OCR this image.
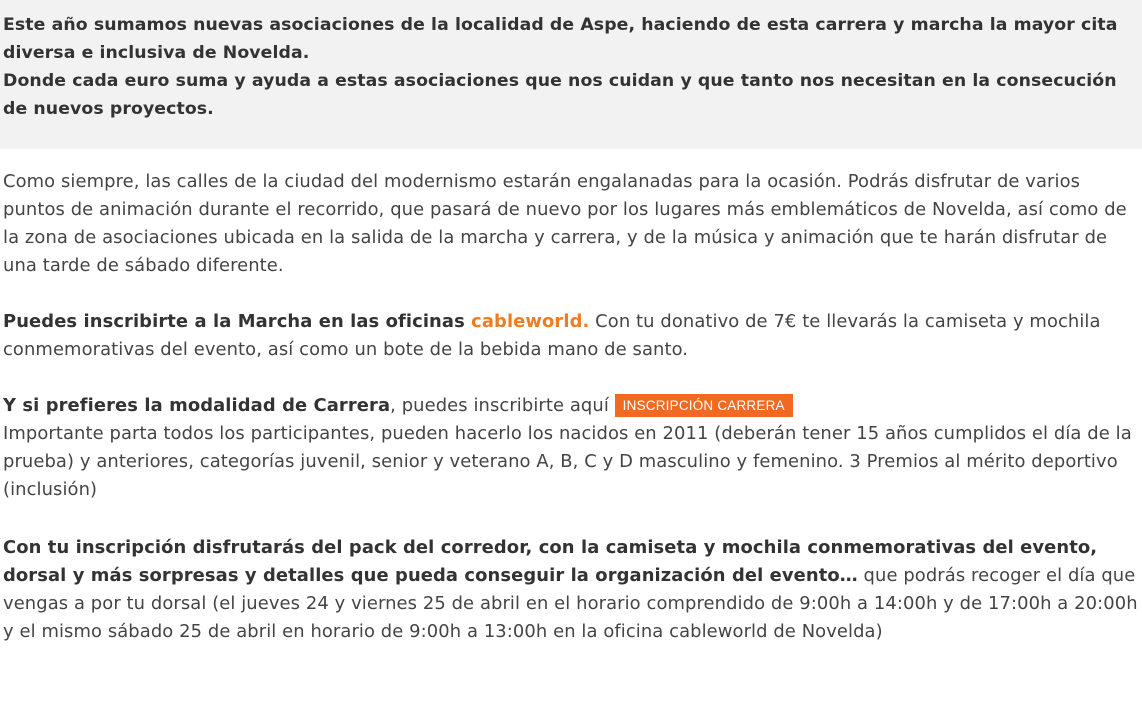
Este año sumamos nuevas asociaciones de la localidad de Aspe, haciendo de esta carrera y marcha la mayor cita diversa e inclusiva de Novelda.

Donde cada euro suma y ayuda a estas asociaciones que nos cuidan y que tanto nos necesitan en la consecución de nuevos proyectos.

Como siempre, las calles de la ciudad del modernismo estarán engalanadas para la ocasión. Podrás disfrutar de varios puntos de animación durante el recorrido, que pasará de nuevo por los lugares más emblemáticos de Novelda, así como de la zona de asociaciones ubicada en la salida de la marcha y carrera, y de la música y animación que te harán disfrutar de una tarde de sábado diferente.

Puedes inscribirte a la Marcha en las oficinas cableworld. Con tu donativo de 7€ te llevarás la camiseta y mochila conmemorativas del evento, así como un bote de la bebida mano de santo.

Y si prefieres la modalidad de Carrera, puedes inscribirte aquí INSCRIPCIÓN CARRERA

Importante parta todos los participantes, pueden hacerlo los nacidos en 2011 (deberán tener 15 años cumplidos el día de la prueba) y anteriores, categorías juvenil, senior y veterano A, B, C y D masculino y femenino. 3 Premios al mérito deportivo (inclusión)

Con tu inscripción disfrutarás del pack del corredor, con la camiseta y mochila conmemorativas del evento, dorsal y más sorpresas y detalles que pueda conseguir la organización del evento… que podrás recoger el día que vengas a por tu dorsal (el jueves 24 y viernes 25 de abril en el horario comprendido de 9:00h a 14:00h y de 17:00h a 20:00h y el mismo sábado 25 de abril en horario de 9:00h a 13:00h en la oficina cableworld de Novelda)
